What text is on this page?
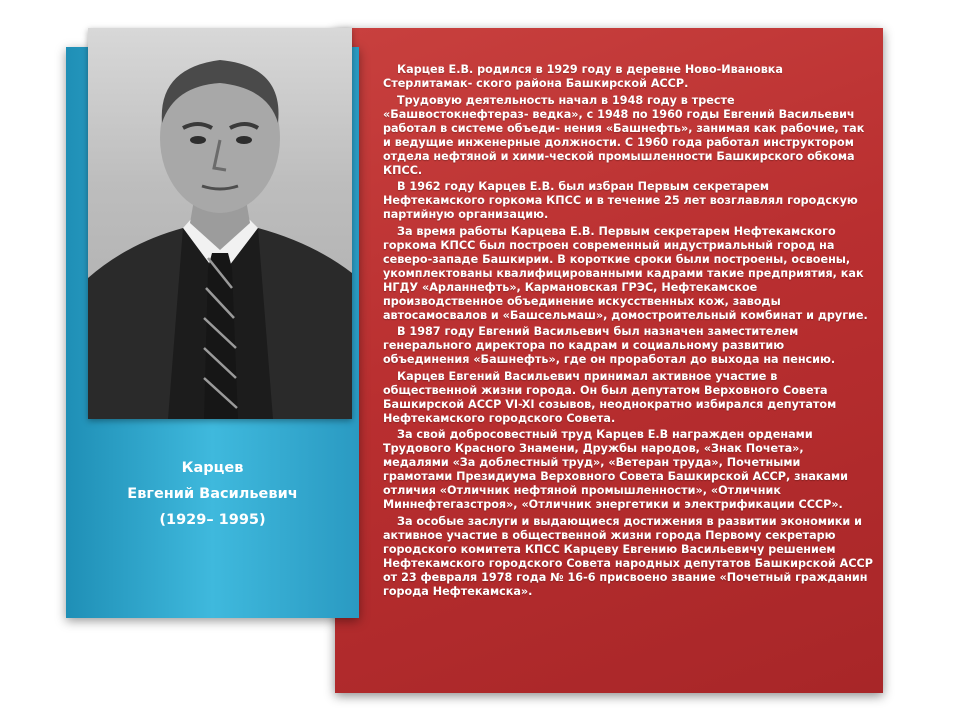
Карцев
Евгений Васильевич
(1929– 1995)

Карцев Е.В. родился в 1929 году в деревне Ново-Ивановка Стерлитамак- ского района Башкирской АССР.

Трудовую деятельность начал в 1948 году в тресте «Башвостокнефтераз- ведка», с 1948 по 1960 годы Евгений Васильевич работал в системе объеди- нения «Башнефть», занимая как рабочие, так и ведущие инженерные должности. С 1960 года работал инструктором отдела нефтяной и хими-ческой промышленности Башкирского обкома КПСС.

В 1962 году Карцев Е.В. был избран Первым секретарем Нефтекамского горкома КПСС и в течение 25 лет возглавлял городскую партийную организацию.

За время работы Карцева Е.В. Первым секретарем Нефтекамского горкома КПСС был построен современный индустриальный город на северо-западе Башкирии. В короткие сроки были построены, освоены, укомплектованы квалифицированными кадрами такие предприятия, как НГДУ «Арланнефть», Кармановская ГРЭС, Нефтекамское производственное объединение искусственных кож, заводы автосамосвалов и «Башсельмаш», домостроительный комбинат и другие.

В 1987 году Евгений Васильевич был назначен заместителем генерального директора по кадрам и социальному развитию объединения «Башнефть», где он проработал до выхода на пенсию.

Карцев Евгений Васильевич принимал активное участие в общественной жизни города. Он был депутатом Верховного Совета Башкирской АССР VI-XI созывов, неоднократно избирался депутатом Нефтекамского городского Совета.

За свой добросовестный труд Карцев Е.В награжден орденами Трудового Красного Знамени, Дружбы народов, «Знак Почета», медалями «За доблестный труд», «Ветеран труда», Почетными грамотами Президиума Верховного Совета Башкирской АССР, знаками отличия «Отличник нефтяной промышленности», «Отличник Миннефтегазстроя», «Отличник энергетики и электрификации СССР».

За особые заслуги и выдающиеся достижения в развитии экономики и активное участие в общественной жизни города Первому секретарю городского комитета КПСС Карцеву Евгению Васильевичу решением Нефтекамского городского Совета народных депутатов Башкирской АССР от 23 февраля 1978 года № 16-6 присвоено звание «Почетный гражданин города Нефтекамска».
